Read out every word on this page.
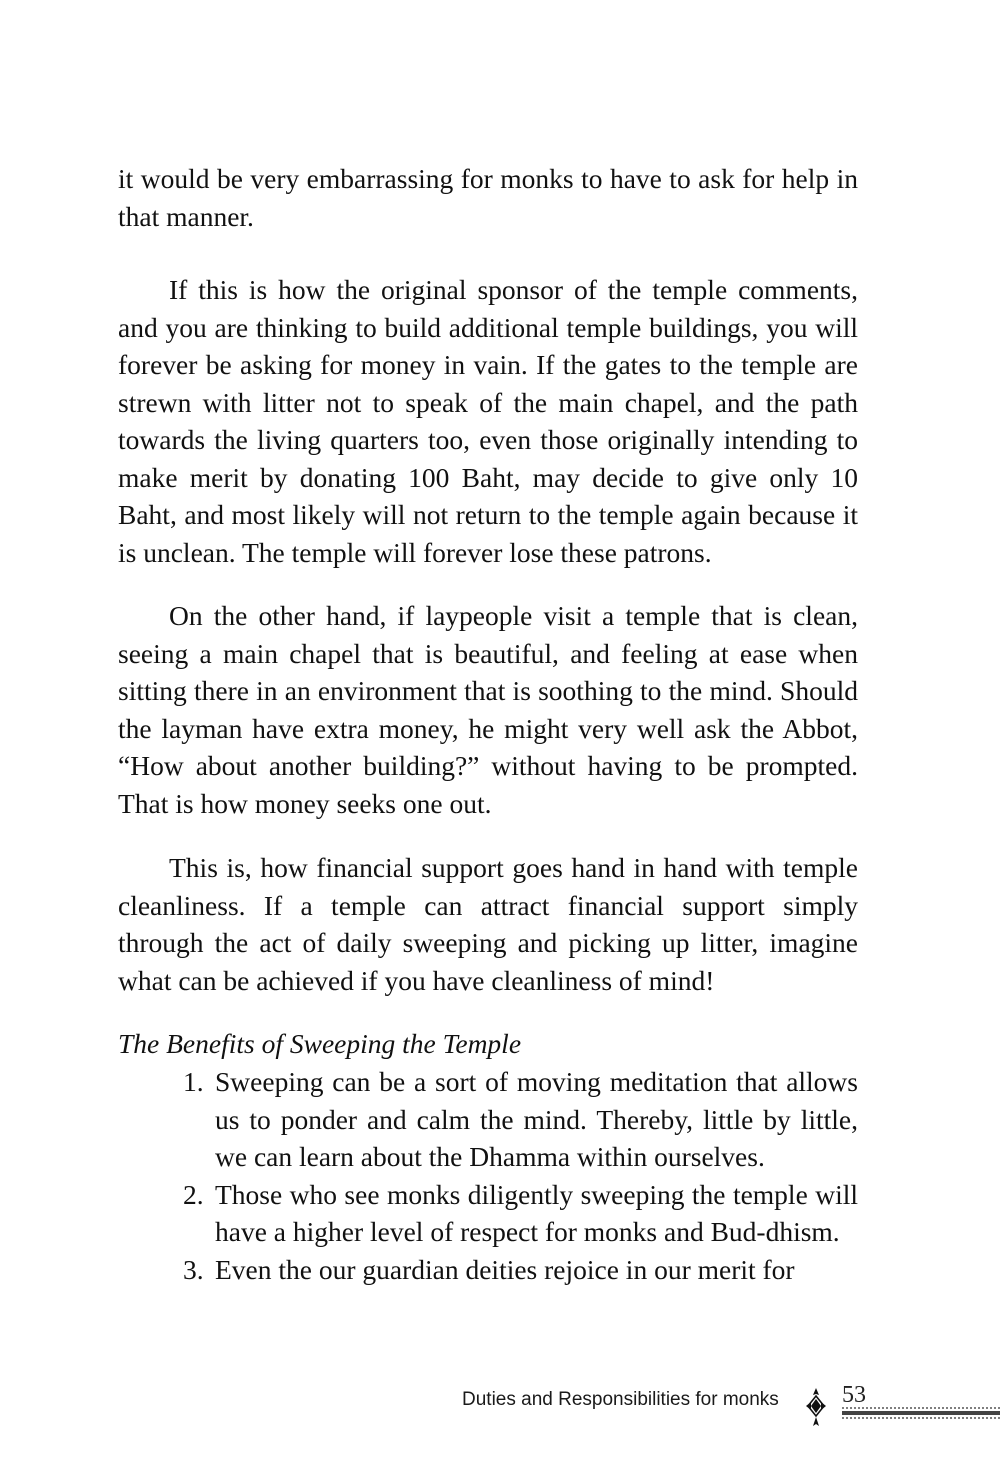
it would be very embarrassing for monks to have to ask for help in that manner.

If this is how the original sponsor of the temple comments, and you are thinking to build additional temple buildings, you will forever be asking for money in vain. If the gates to the temple are strewn with litter not to speak of the main chapel, and the path towards the living quarters too, even those originally intending to make merit by donating 100 Baht, may decide to give only 10 Baht, and most likely will not return to the temple again because it is unclean. The temple will forever lose these patrons.

On the other hand, if laypeople visit a temple that is clean, seeing a main chapel that is beautiful, and feeling at ease when sitting there in an environment that is soothing to the mind. Should the layman have extra money, he might very well ask the Abbot, “How about another building?” without having to be prompted. That is how money seeks one out.

This is, how financial support goes hand in hand with temple cleanliness. If a temple can attract financial support simply through the act of daily sweeping and picking up litter, imagine what can be achieved if you have cleanliness of mind!

The Benefits of Sweeping the Temple
1. Sweeping can be a sort of moving meditation that allows us to ponder and calm the mind. Thereby, little by little, we can learn about the Dhamma within ourselves.
2. Those who see monks diligently sweeping the temple will have a higher level of respect for monks and Bud-dhism.
3. Even the our guardian deities rejoice in our merit for
Duties and Responsibilities for monks	53
